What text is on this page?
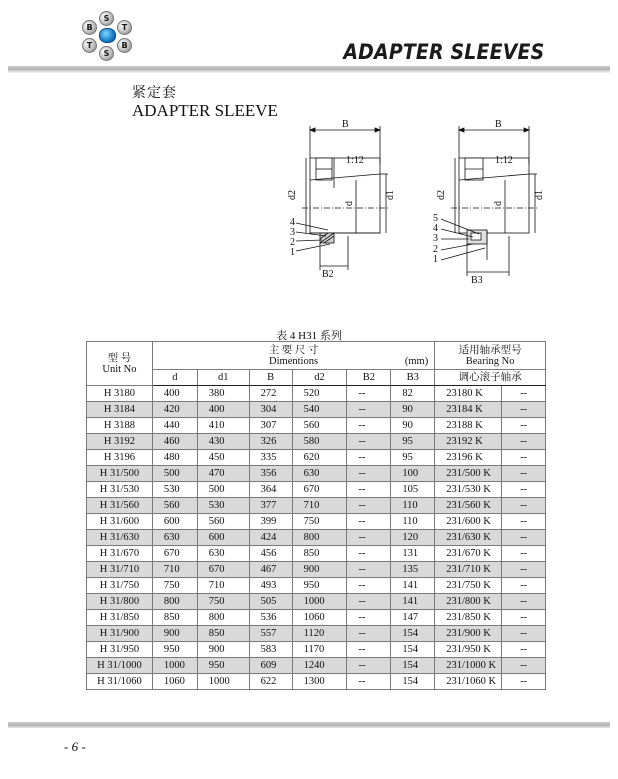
S
B	T
T	B
S	ADAPTER SLEEVES
紧定套
ADAPTER SLEEVE
B
1:12
d2
d
d1
B2
4
3
2
1
B
1:12
d2
d
d1
B3
5
4
3
2
1
表 4 H31 系列
型 号
Unit No	主 要 尺 寸
Dimentions (mm)						适用轴承型号
Bearing No	

	d	d1	B	d2	B2	B3	调心滚子轴承	
H 3180	400	380	272	520	--	82	23180 K	--
H 3184	420	400	304	540	--	90	23184 K	--
H 3188	440	410	307	560	--	90	23188 K	--
H 3192	460	430	326	580	--	95	23192 K	--
H 3196	480	450	335	620	--	95	23196 K	--
H 31/500	500	470	356	630	--	100	231/500 K	--
H 31/530	530	500	364	670	--	105	231/530 K	--
H 31/560	560	530	377	710	--	110	231/560 K	--
H 31/600	600	560	399	750	--	110	231/600 K	--
H 31/630	630	600	424	800	--	120	231/630 K	--
H 31/670	670	630	456	850	--	131	231/670 K	--
H 31/710	710	670	467	900	--	135	231/710 K	--
H 31/750	750	710	493	950	--	141	231/750 K	--
H 31/800	800	750	505	1000	--	141	231/800 K	--
H 31/850	850	800	536	1060	--	147	231/850 K	--
H 31/900	900	850	557	1120	--	154	231/900 K	--
H 31/950	950	900	583	1170	--	154	231/950 K	--
H 31/1000	1000	950	609	1240	--	154	231/1000 K	--
H 31/1060	1060	1000	622	1300	--	154	231/1060 K	--
- 6 -
